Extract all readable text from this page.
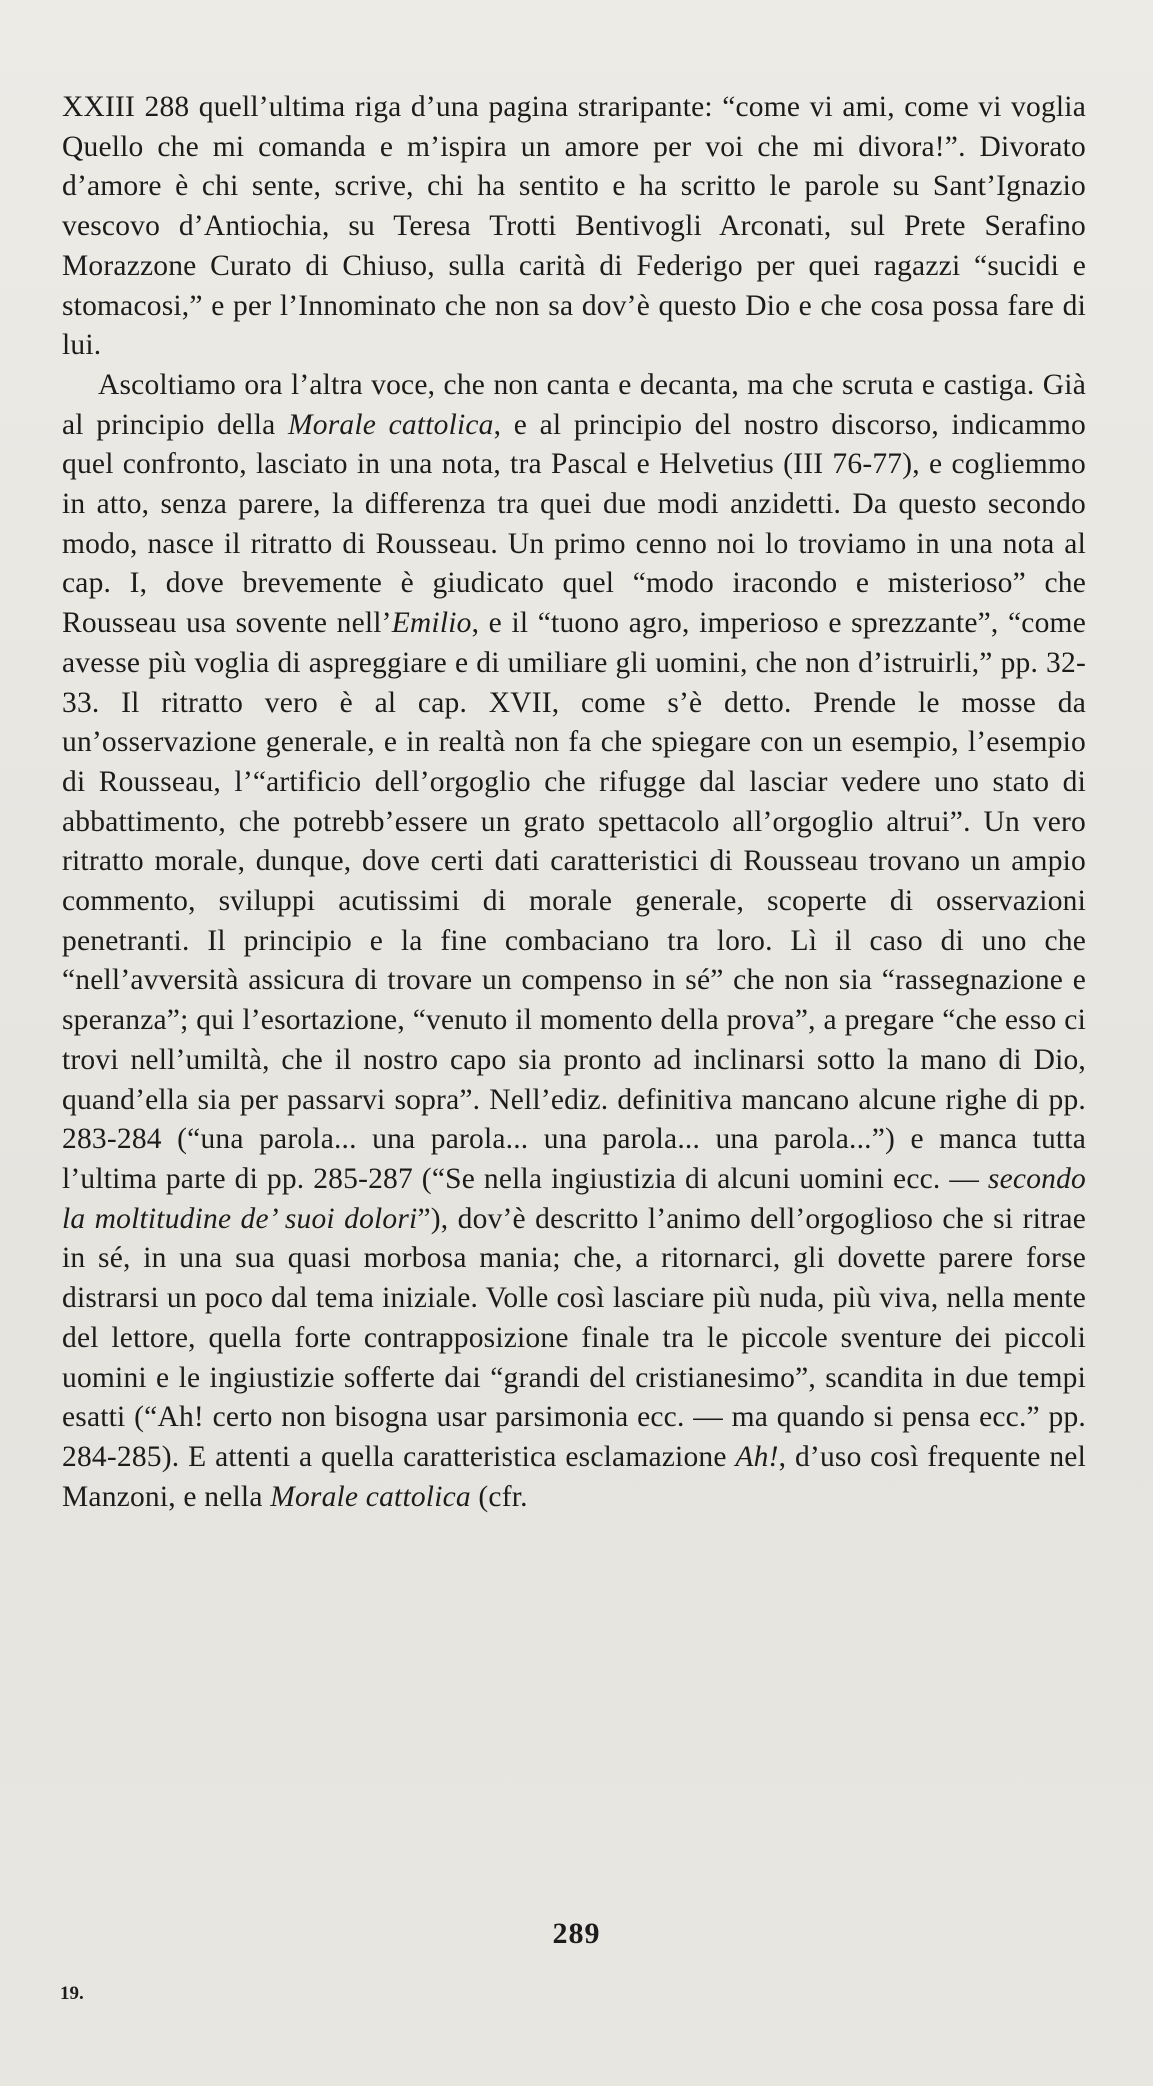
XXIII 288 quell’ultima riga d’una pagina straripante: “come vi ami, come vi voglia Quello che mi comanda e m’ispira un amore per voi che mi divora!”. Divorato d’amore è chi sente, scrive, chi ha sentito e ha scritto le parole su Sant’Ignazio vescovo d’Antiochia, su Teresa Trotti Bentivogli Arconati, sul Prete Serafino Morazzone Curato di Chiuso, sulla carità di Federigo per quei ragazzi “sucidi e stomacosi,” e per l’Innominato che non sa dov’è questo Dio e che cosa possa fare di lui.

Ascoltiamo ora l’altra voce, che non canta e decanta, ma che scruta e castiga. Già al principio della Morale cattolica, e al principio del nostro discorso, indicammo quel confronto, lasciato in una nota, tra Pascal e Helvetius (III 76-77), e cogliemmo in atto, senza parere, la differenza tra quei due modi anzidetti. Da questo secondo modo, nasce il ritratto di Rousseau. Un primo cenno noi lo troviamo in una nota al cap. I, dove brevemente è giudicato quel “modo iracondo e misterioso” che Rousseau usa sovente nell’Emilio, e il “tuono agro, imperioso e sprezzante”, “come avesse più voglia di aspreggiare e di umiliare gli uomini, che non d’istruirli,” pp. 32-33. Il ritratto vero è al cap. XVII, come s’è detto. Prende le mosse da un’osservazione generale, e in realtà non fa che spiegare con un esempio, l’esempio di Rousseau, l’“artificio dell’orgoglio che rifugge dal lasciar vedere uno stato di abbattimento, che potrebb’essere un grato spettacolo all’orgoglio altrui”. Un vero ritratto morale, dunque, dove certi dati caratteristici di Rousseau trovano un ampio commento, sviluppi acutissimi di morale generale, scoperte di osservazioni penetranti. Il principio e la fine combaciano tra loro. Lì il caso di uno che “nell’avversità assicura di trovare un compenso in sé” che non sia “rassegnazione e speranza”; qui l’esortazione, “venuto il momento della prova”, a pregare “che esso ci trovi nell’umiltà, che il nostro capo sia pronto ad inclinarsi sotto la mano di Dio, quand’ella sia per passarvi sopra”. Nell’ediz. definitiva mancano alcune righe di pp. 283-284 (“una parola... una parola... una parola... una parola...”) e manca tutta l’ultima parte di pp. 285-287 (“Se nella ingiustizia di alcuni uomini ecc. — secondo la moltitudine de’ suoi dolori”), dov’è descritto l’animo dell’orgoglioso che si ritrae in sé, in una sua quasi morbosa mania; che, a ritornarci, gli dovette parere forse distrarsi un poco dal tema iniziale. Volle così lasciare più nuda, più viva, nella mente del lettore, quella forte contrapposizione finale tra le piccole sventure dei piccoli uomini e le ingiustizie sofferte dai “grandi del cristianesimo”, scandita in due tempi esatti (“Ah! certo non bisogna usar parsimonia ecc. — ma quando si pensa ecc.” pp. 284-285). E attenti a quella caratteristica esclamazione Ah!, d’uso così frequente nel Manzoni, e nella Morale cattolica (cfr.

289
19.
